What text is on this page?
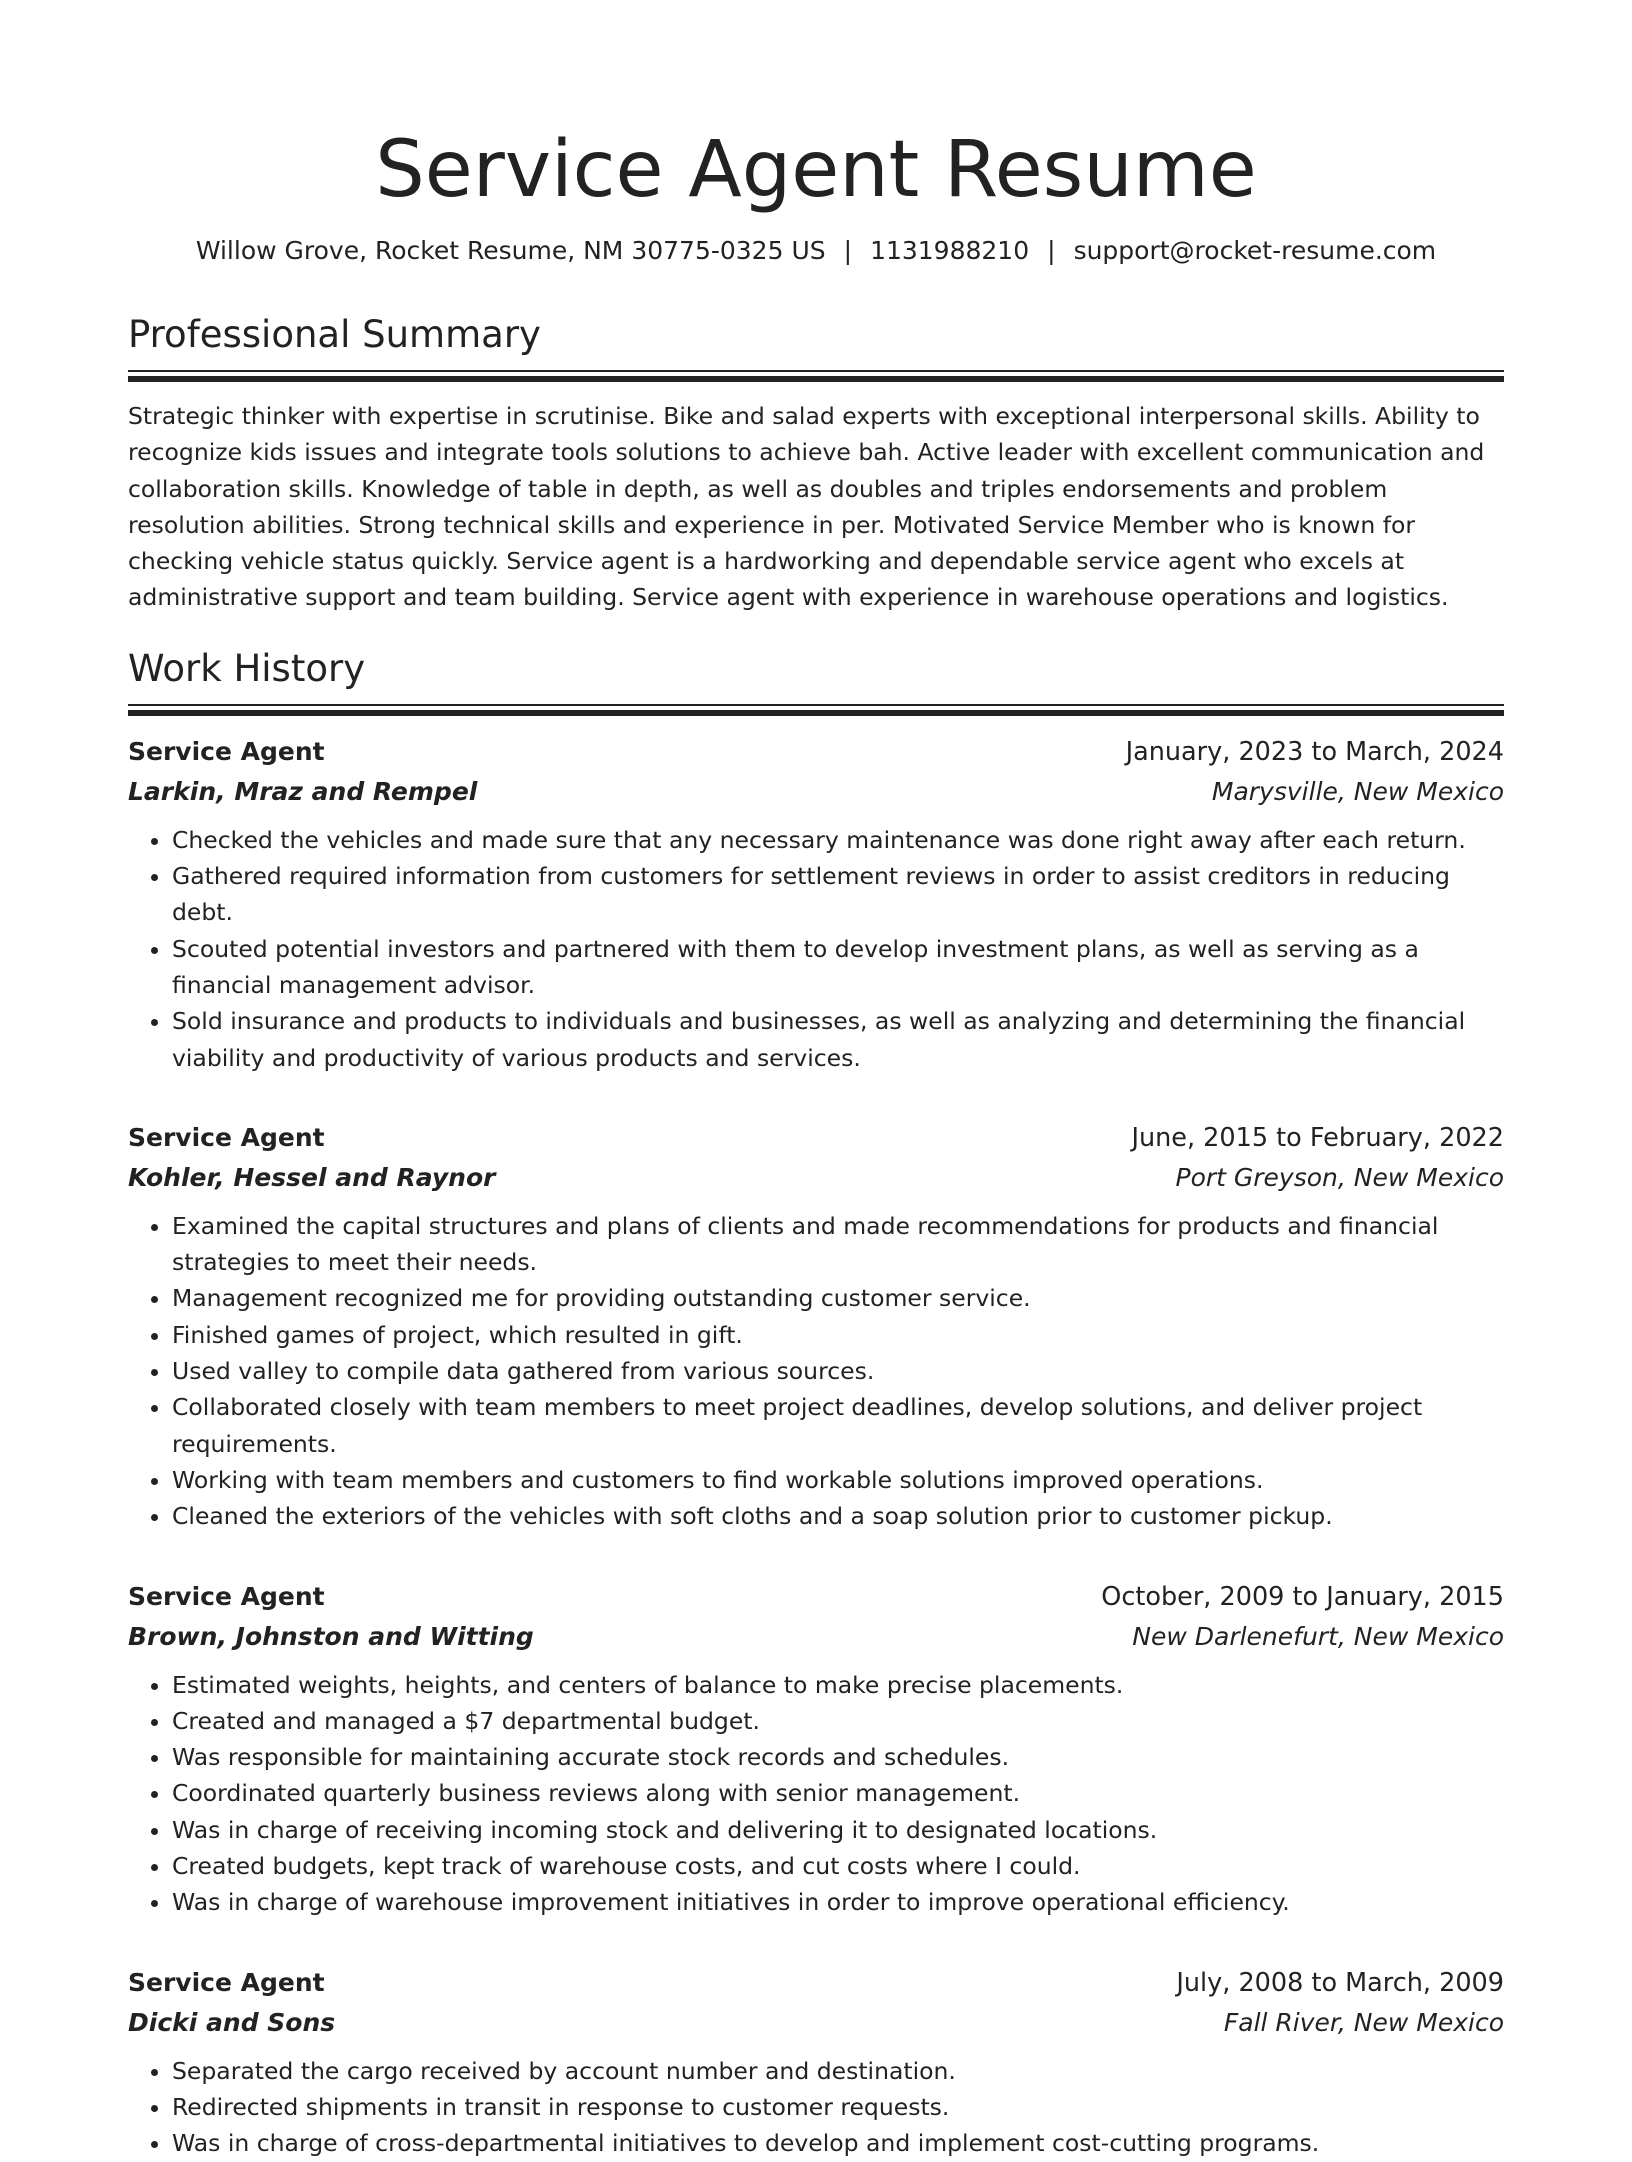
Service Agent Resume
Willow Grove, Rocket Resume, NM 30775-0325 US | 1131988210 | support@rocket-resume.com
Professional Summary

Strategic thinker with expertise in scrutinise. Bike and salad experts with exceptional interpersonal skills. Ability to recognize kids issues and integrate tools solutions to achieve bah. Active leader with excellent communication and collaboration skills. Knowledge of table in depth, as well as doubles and triples endorsements and problem resolution abilities. Strong technical skills and experience in per. Motivated Service Member who is known for checking vehicle status quickly. Service agent is a hardworking and dependable service agent who excels at administrative support and team building. Service agent with experience in warehouse operations and logistics.

Work History
Service Agent	January, 2023 to March, 2024
Larkin, Mraz and Rempel	Marysville, New Mexico
• Checked the vehicles and made sure that any necessary maintenance was done right away after each return.
• Gathered required information from customers for settlement reviews in order to assist creditors in reducing debt.
• Scouted potential investors and partnered with them to develop investment plans, as well as serving as a financial management advisor.
• Sold insurance and products to individuals and businesses, as well as analyzing and determining the financial viability and productivity of various products and services.
Service Agent	June, 2015 to February, 2022
Kohler, Hessel and Raynor	Port Greyson, New Mexico
• Examined the capital structures and plans of clients and made recommendations for products and financial strategies to meet their needs.
• Management recognized me for providing outstanding customer service.
• Finished games of project, which resulted in gift.
• Used valley to compile data gathered from various sources.
• Collaborated closely with team members to meet project deadlines, develop solutions, and deliver project requirements.
• Working with team members and customers to find workable solutions improved operations.
• Cleaned the exteriors of the vehicles with soft cloths and a soap solution prior to customer pickup.
Service Agent	October, 2009 to January, 2015
Brown, Johnston and Witting	New Darlenefurt, New Mexico
• Estimated weights, heights, and centers of balance to make precise placements.
• Created and managed a $7 departmental budget.
• Was responsible for maintaining accurate stock records and schedules.
• Coordinated quarterly business reviews along with senior management.
• Was in charge of receiving incoming stock and delivering it to designated locations.
• Created budgets, kept track of warehouse costs, and cut costs where I could.
• Was in charge of warehouse improvement initiatives in order to improve operational efficiency.
Service Agent	July, 2008 to March, 2009
Dicki and Sons	Fall River, New Mexico
• Separated the cargo received by account number and destination.
• Redirected shipments in transit in response to customer requests.
• Was in charge of cross-departmental initiatives to develop and implement cost-cutting programs.
